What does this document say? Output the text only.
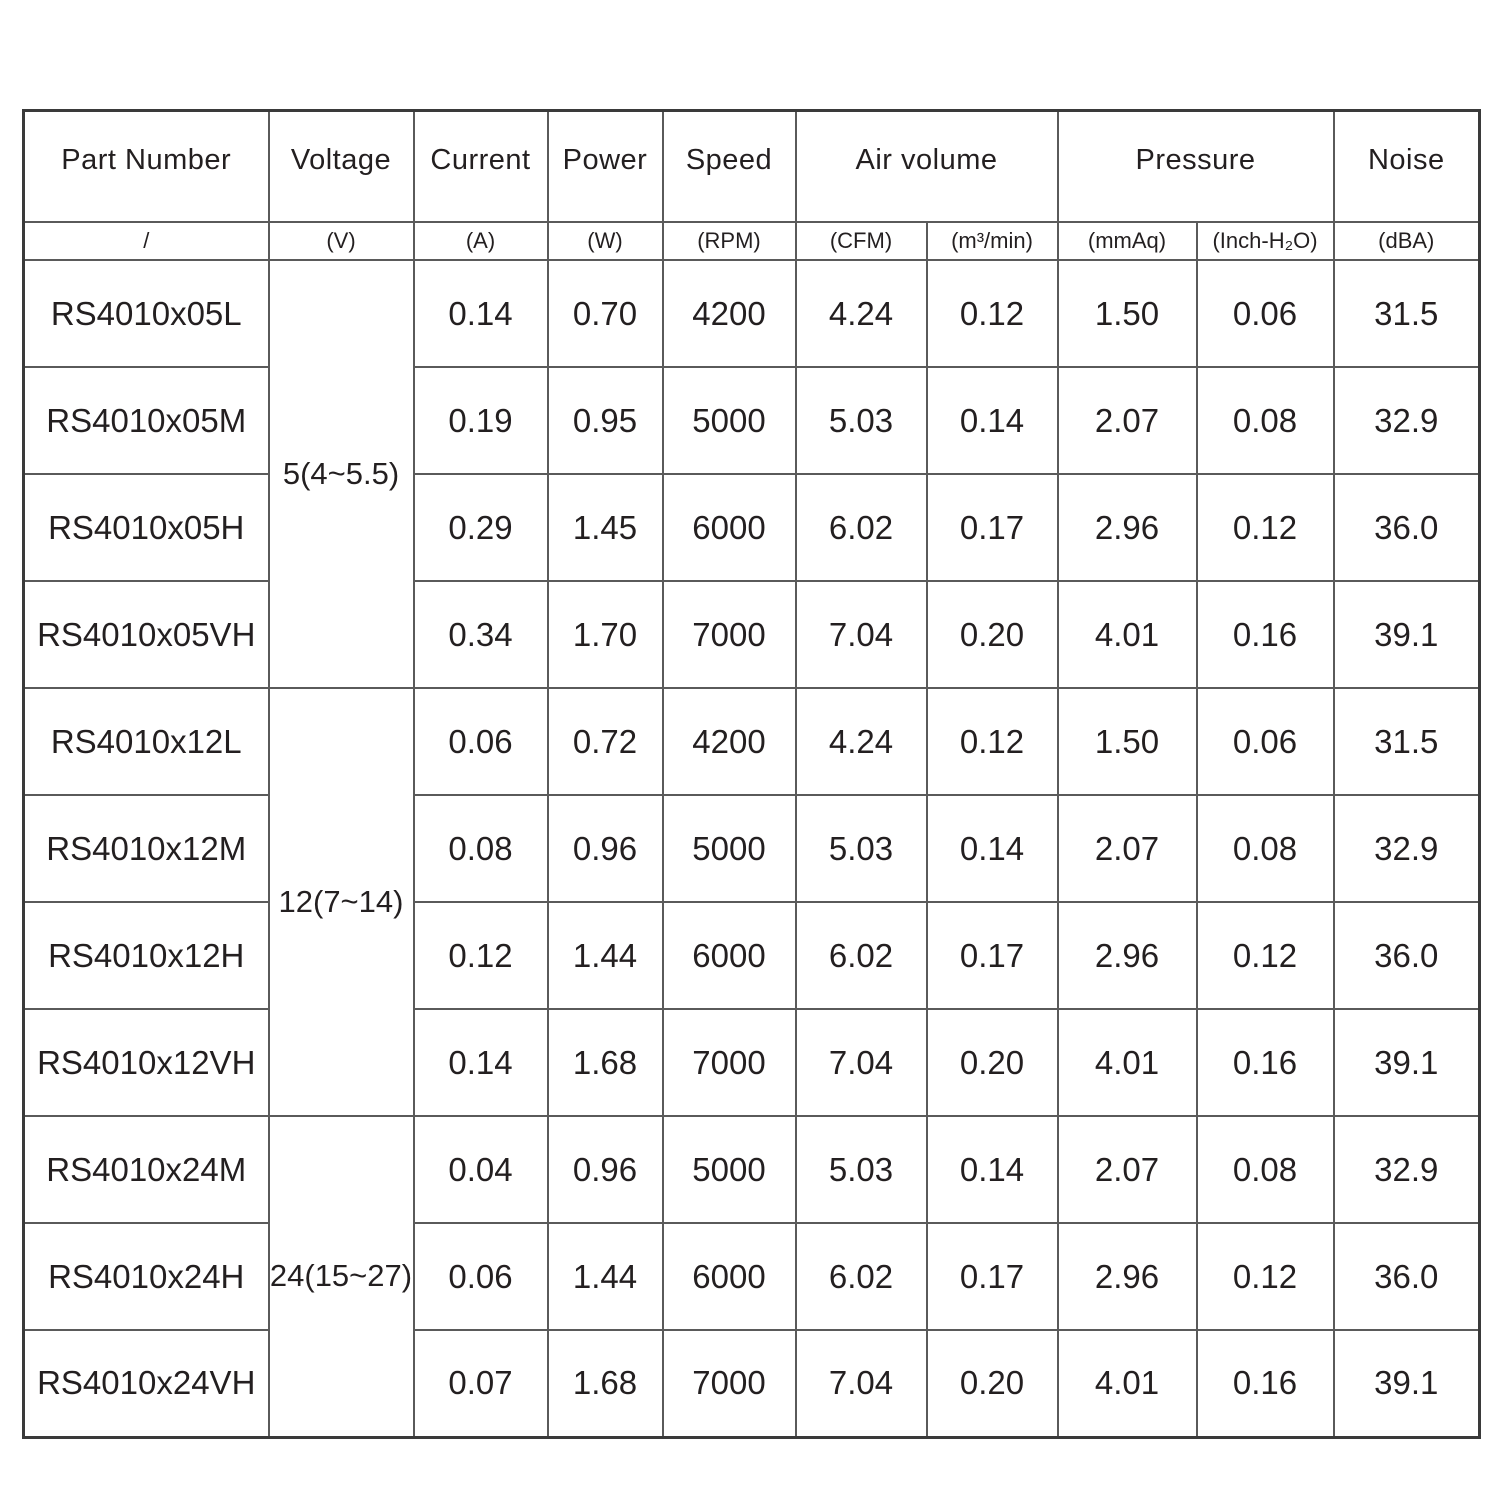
Part Number	Voltage	Current	Power	Speed	Air volume		Pressure		Noise
/	(V)	(A)	(W)	(RPM)	(CFM)	(m³/min)	(mmAq)	(Inch-H₂O)	(dBA)
RS4010x05L	5(4~5.5)	0.14	0.70	4200	4.24	0.12	1.50	0.06	31.5
RS4010x05M		0.19	0.95	5000	5.03	0.14	2.07	0.08	32.9
RS4010x05H		0.29	1.45	6000	6.02	0.17	2.96	0.12	36.0
RS4010x05VH		0.34	1.70	7000	7.04	0.20	4.01	0.16	39.1
RS4010x12L	12(7~14)	0.06	0.72	4200	4.24	0.12	1.50	0.06	31.5
RS4010x12M		0.08	0.96	5000	5.03	0.14	2.07	0.08	32.9
RS4010x12H		0.12	1.44	6000	6.02	0.17	2.96	0.12	36.0
RS4010x12VH		0.14	1.68	7000	7.04	0.20	4.01	0.16	39.1
RS4010x24M	24(15~27)	0.04	0.96	5000	5.03	0.14	2.07	0.08	32.9
RS4010x24H		0.06	1.44	6000	6.02	0.17	2.96	0.12	36.0
RS4010x24VH		0.07	1.68	7000	7.04	0.20	4.01	0.16	39.1
